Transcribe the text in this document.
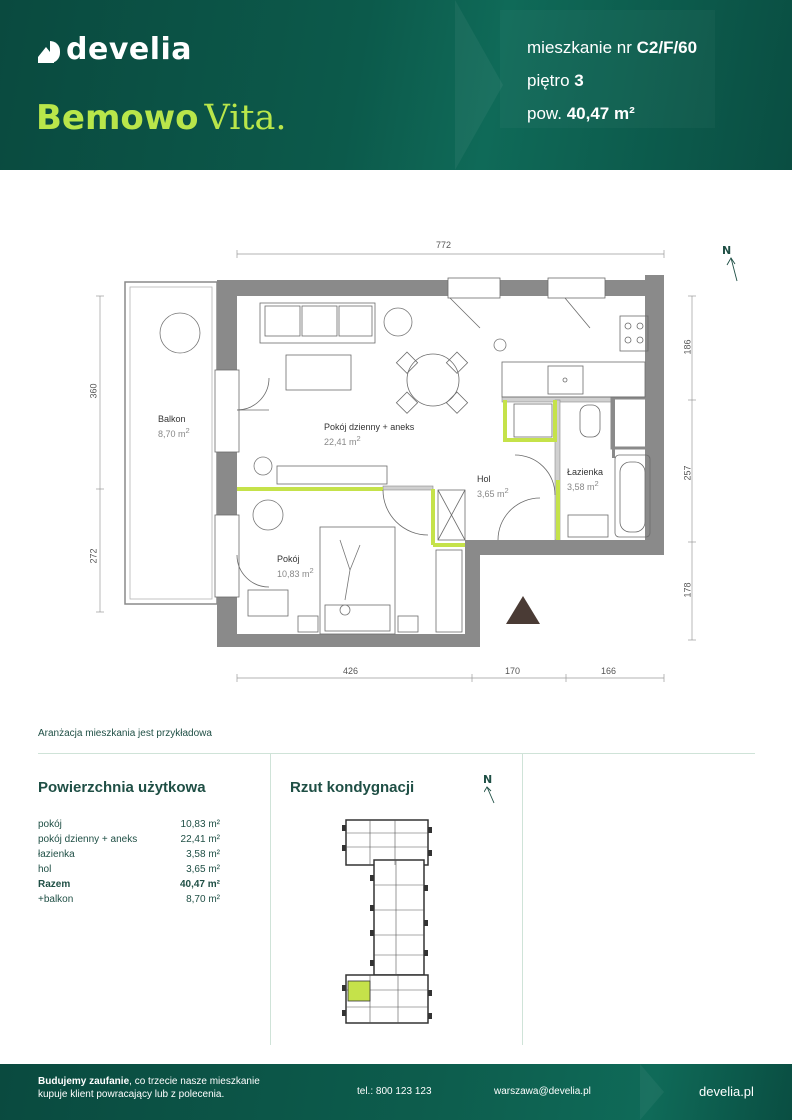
develia
Bemowo Vita.
mieszkanie nr C2/F/60
piętro 3
pow. 40,47 m²
N
772
360
272
426	170	166
186
257
178
Balkon
8,70 $m^2$	Pokój dzienny + aneks
22,41 $m^2$
Hol
3,65 $m^2$
Łazienka
3,58 $m^2$
Pokój
10,83 $m^2$
Aranżacja mieszkania jest przykładowa
Powierzchnia użytkowa
pokój	10,83 m²
pokój dzienny + aneks	22,41 m²
łazienka	3,58 m²
hol	3,65 m²
Razem	40,47 m²
+balkon	8,70 m²
Rzut kondygnacji	N
Budujemy zaufanie, co trzecie nasze mieszkanie
kupuje klient powracający lub z polecenia.	tel.: 800 123 123	warszawa@develia.pl	develia.pl
